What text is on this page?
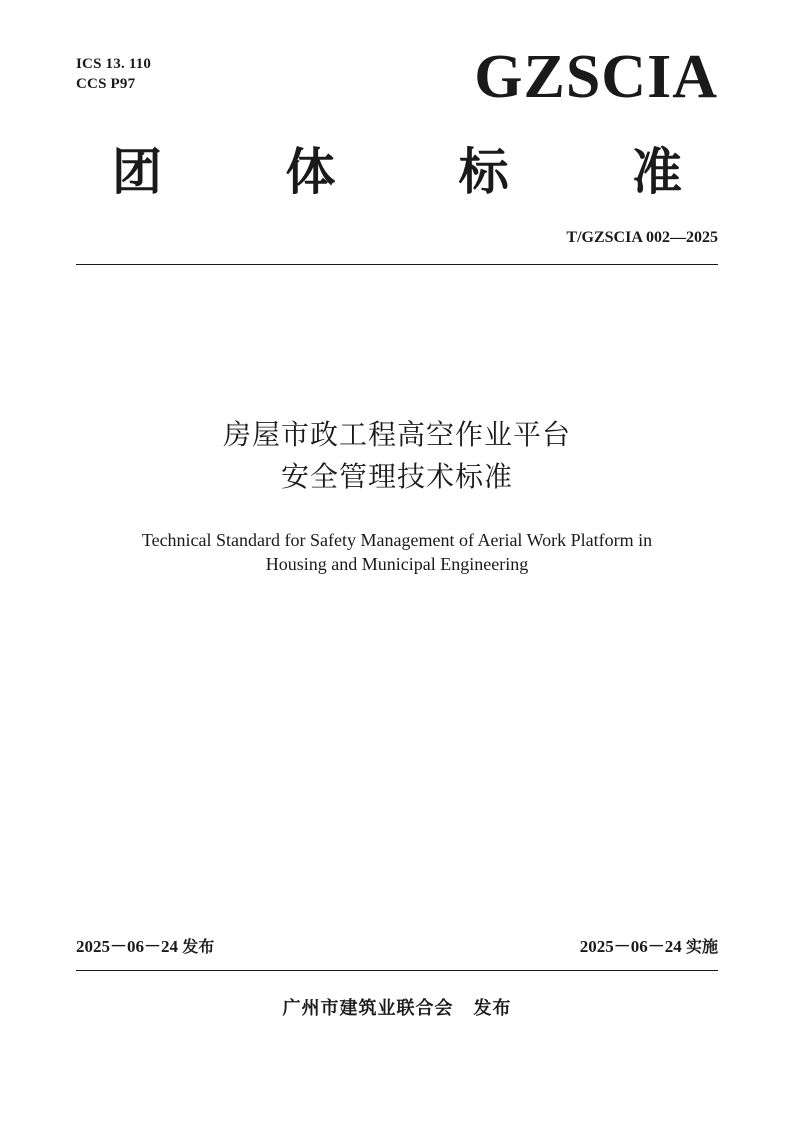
ICS 13. 110
CCS P97	GZSCIA
团	体	标	准
T/GZSCIA 002—2025
房屋市政工程高空作业平台
安全管理技术标准
Technical Standard for Safety Management of Aerial Work Platform in
Housing and Municipal Engineering
2025－06－24 发布	2025－06－24 实施
广州市建筑业联合会 发布
